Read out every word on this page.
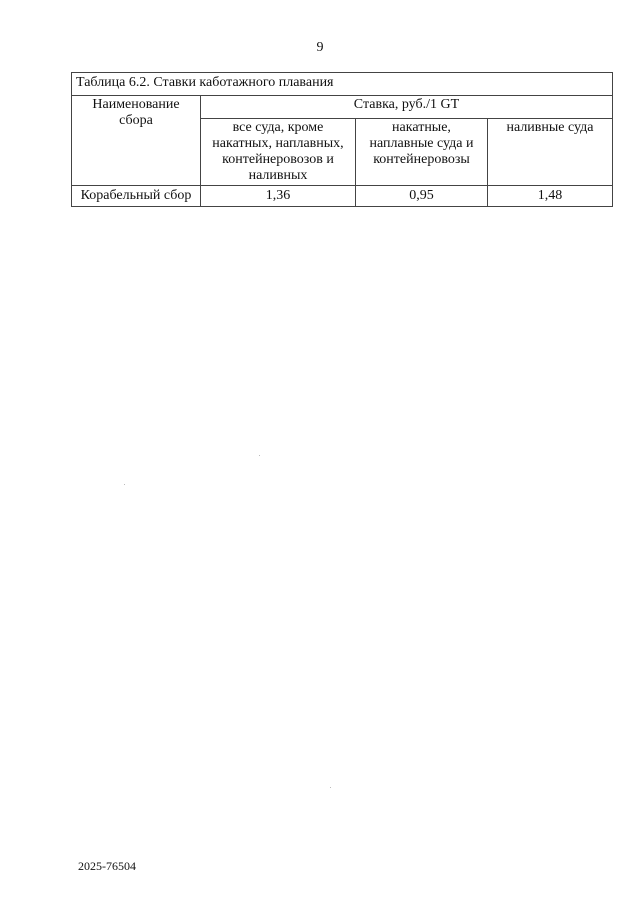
9
Таблица 6.2. Ставки каботажного плавания			
Наименование сбора	Ставка, руб./1 GT		
	все суда, кроме накатных, наплавных, контейнеровозов и наливных	накатные, наплавные суда и контейнеровозы	наливные суда
Корабельный сбор	1,36	0,95	1,48
2025-76504
